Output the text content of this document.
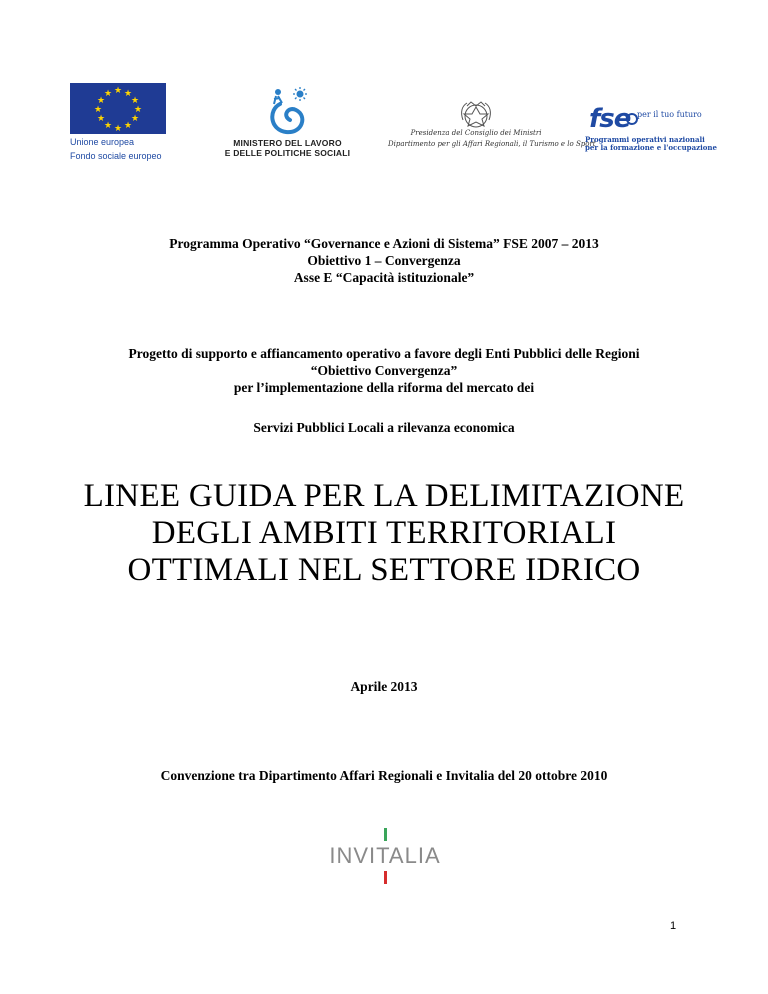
★ ★
★
★
★
★
★
★
★
★
★
★
Unione europea
Fondo sociale europeo
MINISTERO DEL LAVORO
E DELLE POLITICHE SOCIALI
Presidenza del Consiglio dei Ministri
Dipartimento per gli Affari Regionali, il Turismo e lo Sport
fse per il tuo futuro
Programmi operativi nazionali
per la formazione e l'occupazione
Programma Operativo “Governance e Azioni di Sistema” FSE 2007 – 2013
Obiettivo 1 – Convergenza
Asse E “Capacità istituzionale”
Progetto di supporto e affiancamento operativo a favore degli Enti Pubblici delle Regioni
“Obiettivo Convergenza”
per l’implementazione della riforma del mercato dei
Servizi Pubblici Locali a rilevanza economica
LINEE GUIDA PER LA DELIMITAZIONE
DEGLI AMBITI TERRITORIALI
OTTIMALI NEL SETTORE IDRICO
Aprile 2013
Convenzione tra Dipartimento Affari Regionali e Invitalia del 20 ottobre 2010
INVITALIA
1
